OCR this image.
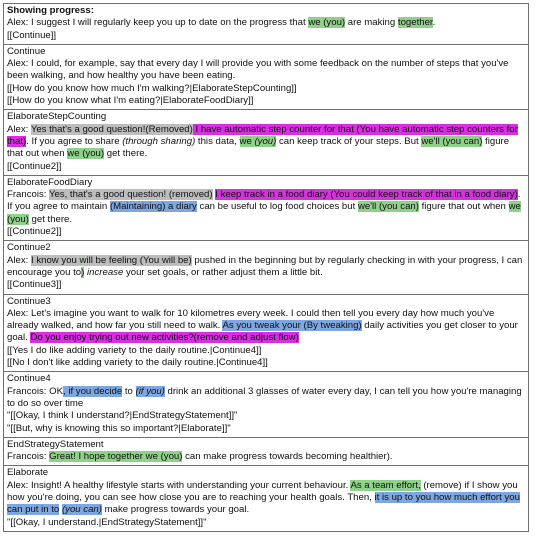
Showing progress:

Alex: I suggest I will regularly keep you up to date on the progress that we (you) are making together.

[[Continue]]

Continue

Alex: I could, for example, say that every day I will provide you with some feedback on the number of steps that you've been walking, and how healthy you have been eating.

[[How do you know how much I'm walking?|ElaborateStepCounting]]

[[How do you know what I'm eating?|ElaborateFoodDiary]]

ElaborateStepCounting

Alex: Yes that's a good question!(Removed) I have automatic step counter for that (You have automatic step counters for that). If you agree to share (through sharing) this data, we (you) can keep track of your steps. But we'll (you can) figure that out when we (you) get there.

[[Continue2]]

ElaborateFoodDiary

Francois: Yes, that's a good question! (removed) I keep track in a food diary (You could keep track of that in a food diary). If you agree to maintain (Maintaining) a diary can be useful to log food choices but we'll (you can) figure that out when we (you) get there.

[[Continue2]]

Continue2

Alex: I know you will be feeling (You will be) pushed in the beginning but by regularly checking in with your progress, I can encourage you to) increase your set goals, or rather adjust them a little bit.

[[Continue3]]

Continue3

Alex: Let's imagine you want to walk for 10 kilometres every week. I could then tell you every day how much you've already walked, and how far you still need to walk. As you tweak your (By tweaking) daily activities you get closer to your goal. Do you enjoy trying out new activities?(remove and adjust flow)

[[Yes I do like adding variety to the daily routine.|Continue4]]

[[No I don't like adding variety to the daily routine.|Continue4]]

Continue4

Francois: OK, if you decide to (if you) drink an additional 3 glasses of water every day, I can tell you how you're managing to do so over time

"[[Okay, I think I understand?|EndStrategyStatement]]"

"[[But, why is knowing this so important?|Elaborate]]"

EndStrategyStatement

Francois: Great! I hope together we (you) can make progress towards becoming healthier).

Elaborate

Alex: Insight! A healthy lifestyle starts with understanding your current behaviour. As a team effort, (remove) if I show you how you're doing, you can see how close you are to reaching your health goals. Then, it is up to you how much effort you can put in to (you can) make progress towards your goal.

"[[Okay, I understand.|EndStrategyStatement]]"
